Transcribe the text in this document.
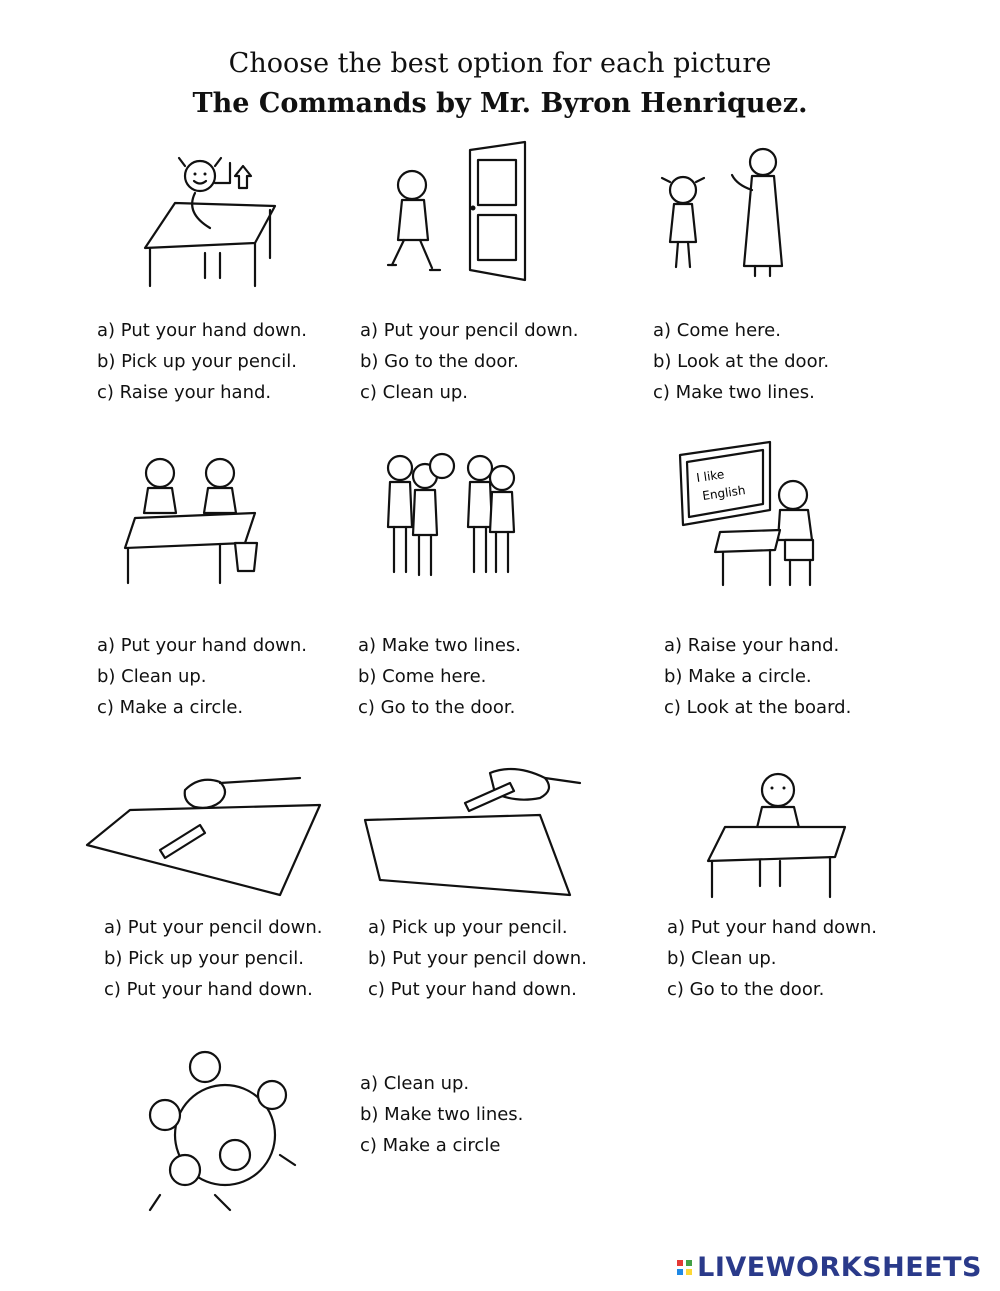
Choose the best option for each picture
The Commands by Mr. Byron Henriquez.
a) Put your hand down.
b) Pick up your pencil.
c) Raise your hand.
a) Put your pencil down.
b) Go to the door.
c) Clean up.
a) Come here.
b) Look at the door.
c) Make two lines.
a) Put your hand down.
b) Clean up.
c) Make a circle.
a) Make two lines.
b) Come here.
c) Go to the door.
I like
English
a) Raise your hand.
b) Make a circle.
c) Look at the board.
a) Put your pencil down.
b) Pick up your pencil.
c) Put your hand down.
a) Pick up your pencil.
b) Put your pencil down.
c) Put your hand down.
a) Put your hand down.
b) Clean up.
c) Go to the door.
a) Clean up.
b) Make two lines.
c) Make a circle
LIVEWORKSHEETS
